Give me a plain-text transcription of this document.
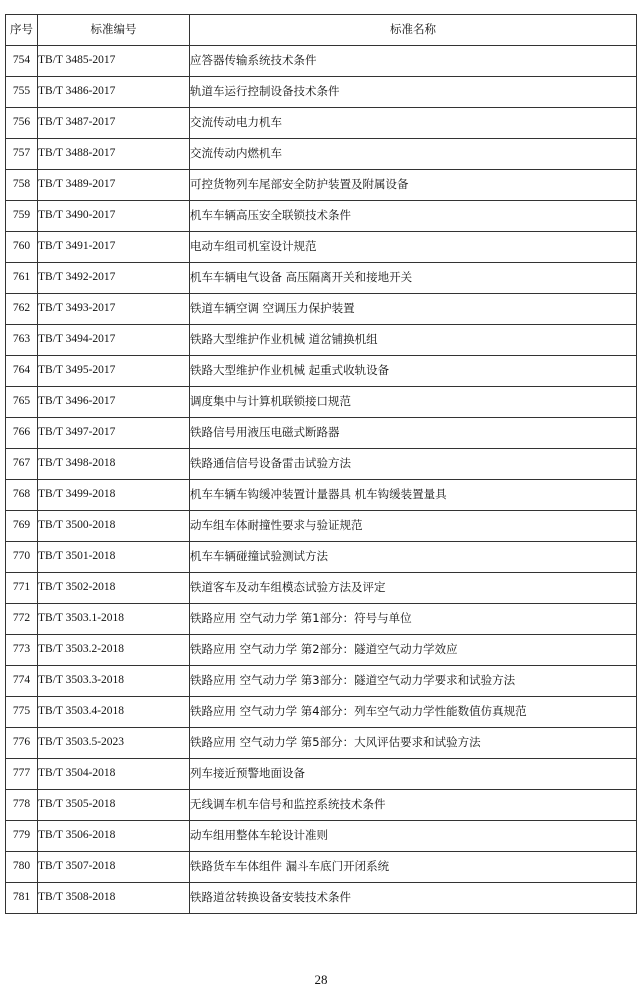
序号	标准编号	标准名称
754	TB/T 3485-2017	应答器传输系统技术条件
755	TB/T 3486-2017	轨道车运行控制设备技术条件
756	TB/T 3487-2017	交流传动电力机车
757	TB/T 3488-2017	交流传动内燃机车
758	TB/T 3489-2017	可控货物列车尾部安全防护装置及附属设备
759	TB/T 3490-2017	机车车辆高压安全联锁技术条件
760	TB/T 3491-2017	电动车组司机室设计规范
761	TB/T 3492-2017	机车车辆电气设备 高压隔离开关和接地开关
762	TB/T 3493-2017	铁道车辆空调 空调压力保护装置
763	TB/T 3494-2017	铁路大型维护作业机械 道岔铺换机组
764	TB/T 3495-2017	铁路大型维护作业机械 起重式收轨设备
765	TB/T 3496-2017	调度集中与计算机联锁接口规范
766	TB/T 3497-2017	铁路信号用液压电磁式断路器
767	TB/T 3498-2018	铁路通信信号设备雷击试验方法
768	TB/T 3499-2018	机车车辆车钩缓冲装置计量器具 机车钩缓装置量具
769	TB/T 3500-2018	动车组车体耐撞性要求与验证规范
770	TB/T 3501-2018	机车车辆碰撞试验测试方法
771	TB/T 3502-2018	铁道客车及动车组模态试验方法及评定
772	TB/T 3503.1-2018	铁路应用 空气动力学 第1部分：符号与单位
773	TB/T 3503.2-2018	铁路应用 空气动力学 第2部分：隧道空气动力学效应
774	TB/T 3503.3-2018	铁路应用 空气动力学 第3部分：隧道空气动力学要求和试验方法
775	TB/T 3503.4-2018	铁路应用 空气动力学 第4部分：列车空气动力学性能数值仿真规范
776	TB/T 3503.5-2023	铁路应用 空气动力学 第5部分：大风评估要求和试验方法
777	TB/T 3504-2018	列车接近预警地面设备
778	TB/T 3505-2018	无线调车机车信号和监控系统技术条件
779	TB/T 3506-2018	动车组用整体车轮设计准则
780	TB/T 3507-2018	铁路货车车体组件 漏斗车底门开闭系统
781	TB/T 3508-2018	铁路道岔转换设备安装技术条件
28
